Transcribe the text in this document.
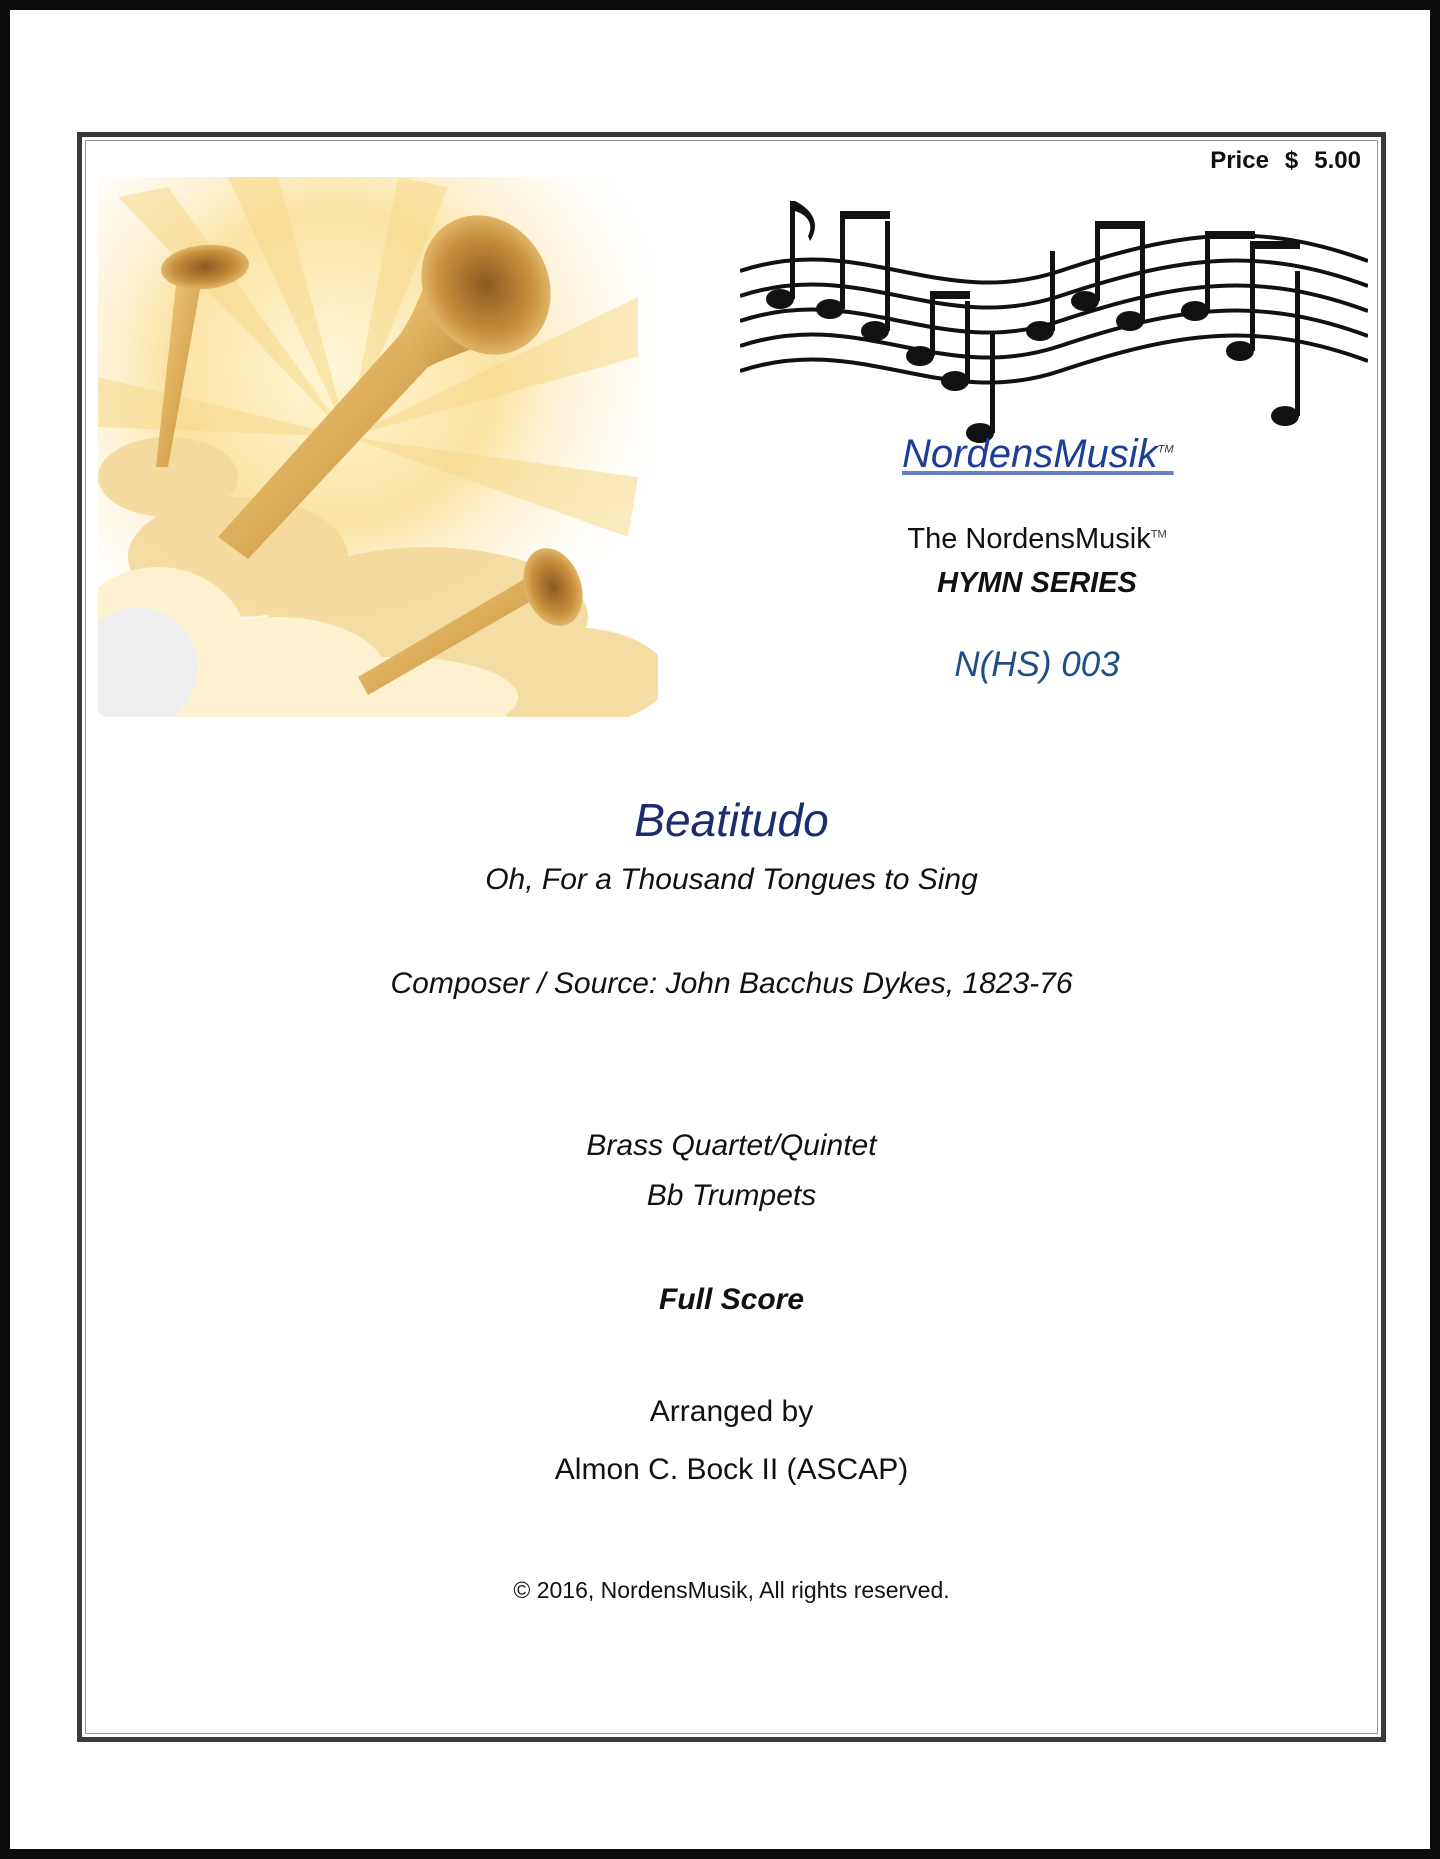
Price $ 5.00
NordensMusik™
The NordensMusik™
HYMN SERIES
N(HS) 003
Beatitudo
Oh, For a Thousand Tongues to Sing
Composer / Source: John Bacchus Dykes, 1823-76
Brass Quartet/Quintet
Bb Trumpets
Full Score
Arranged by
Almon C. Bock II (ASCAP)
© 2016, NordensMusik, All rights reserved.
